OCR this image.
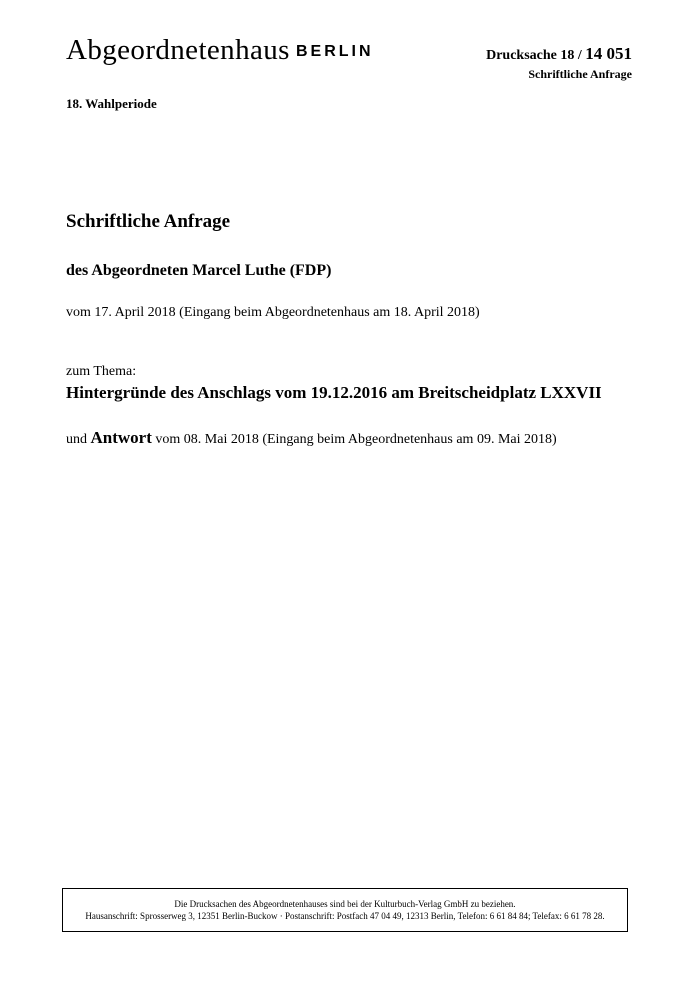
Abgeordnetenhaus BERLIN	Drucksache 18 / 14 051
Schriftliche Anfrage
18. Wahlperiode
Schriftliche Anfrage
des Abgeordneten Marcel Luthe (FDP)
vom 17. April 2018 (Eingang beim Abgeordnetenhaus am 18. April 2018)
zum Thema:
Hintergründe des Anschlags vom 19.12.2016 am Breitscheidplatz LXXVII
und Antwort vom 08. Mai 2018 (Eingang beim Abgeordnetenhaus am 09. Mai 2018)
Die Drucksachen des Abgeordnetenhauses sind bei der Kulturbuch-Verlag GmbH zu beziehen.
Hausanschrift: Sprosserweg 3, 12351 Berlin-Buckow · Postanschrift: Postfach 47 04 49, 12313 Berlin, Telefon: 6 61 84 84; Telefax: 6 61 78 28.
